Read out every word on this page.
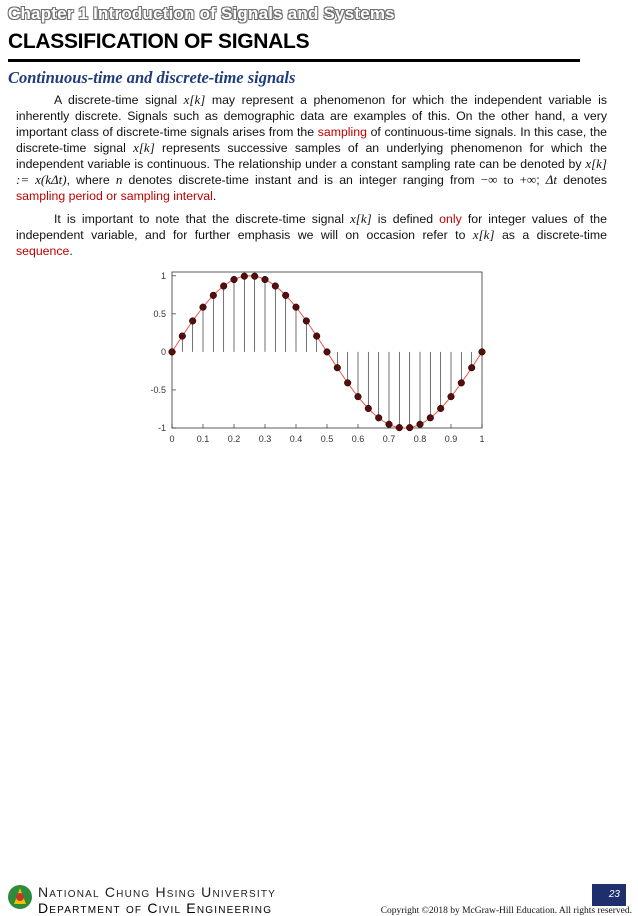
Chapter 1 Introduction of Signals and Systems
CLASSIFICATION OF SIGNALS
Continuous-time and discrete-time signals

A discrete-time signal x[k] may represent a phenomenon for which the independent variable is inherently discrete. Signals such as demographic data are examples of this. On the other hand, a very important class of discrete-time signals arises from the sampling of continuous-time signals. In this case, the discrete-time signal x[k] represents successive samples of an underlying phenomenon for which the independent variable is continuous. The relationship under a constant sampling rate can be denoted by x[k] := x(kΔt), where n denotes discrete-time instant and is an integer ranging from −∞ to +∞; Δt denotes sampling period or sampling interval.

It is important to note that the discrete-time signal x[k] is defined only for integer values of the independent variable, and for further emphasis we will on occasion refer to x[k] as a discrete-time sequence.

0 0.1 0.2 0.3 0.4 0.5 0.6 0.7 0.8 0.9 1
1
0.5
0
-0.5
-1
National Chung Hsing University
Department of Civil Engineering
23
Copyright ©2018 by McGraw-Hill Education. All rights reserved.
